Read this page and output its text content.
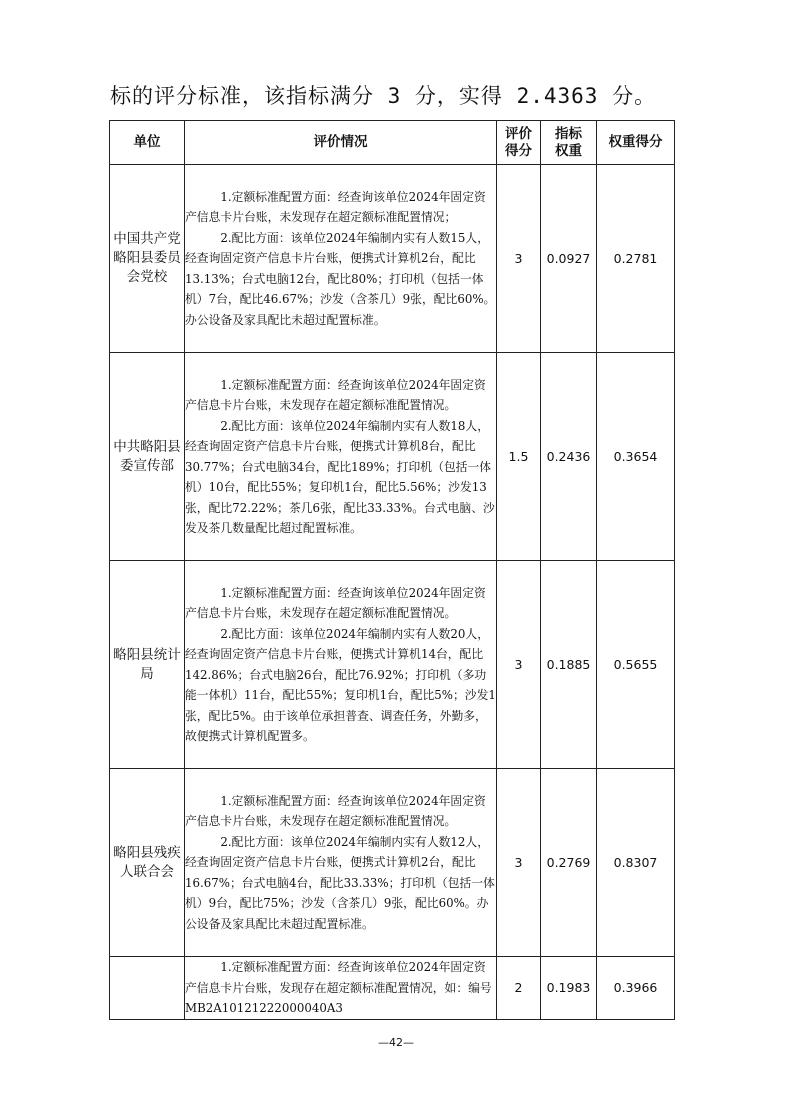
标的评分标准，该指标满分 3 分，实得 2.4363 分。
单位	评价情况	评价得分	指标权重	权重得分
中国共产党略阳县委员会党校	1.定额标准配置方面：经查询该单位2024年固定资产信息卡片台账，未发现存在超定额标准配置情况；

2.配比方面：该单位2024年编制内实有人数15人，经查询固定资产信息卡片台账，便携式计算机2台，配比13.13%；台式电脑12台，配比80%；打印机（包括一体机）7台，配比46.67%；沙发（含茶几）9张，配比60%。办公设备及家具配比未超过配置标准。	3	0.0927	0.2781
中共略阳县委宣传部	1.定额标准配置方面：经查询该单位2024年固定资产信息卡片台账，未发现存在超定额标准配置情况。

2.配比方面：该单位2024年编制内实有人数18人，经查询固定资产信息卡片台账，便携式计算机8台，配比30.77%；台式电脑34台，配比189%；打印机（包括一体机）10台，配比55%；复印机1台，配比5.56%；沙发13张，配比72.22%；茶几6张，配比33.33%。台式电脑、沙发及茶几数量配比超过配置标准。	1.5	0.2436	0.3654
略阳县统计局	1.定额标准配置方面：经查询该单位2024年固定资产信息卡片台账，未发现存在超定额标准配置情况。

2.配比方面：该单位2024年编制内实有人数20人，经查询固定资产信息卡片台账，便携式计算机14台，配比142.86%；台式电脑26台，配比76.92%；打印机（多功能一体机）11台，配比55%；复印机1台，配比5%；沙发1张，配比5%。由于该单位承担普查、调查任务，外勤多，故便携式计算机配置多。	3	0.1885	0.5655
略阳县残疾人联合会	1.定额标准配置方面：经查询该单位2024年固定资产信息卡片台账，未发现存在超定额标准配置情况。

2.配比方面：该单位2024年编制内实有人数12人，经查询固定资产信息卡片台账，便携式计算机2台，配比16.67%；台式电脑4台，配比33.33%；打印机（包括一体机）9台，配比75%；沙发（含茶几）9张，配比60%。办公设备及家具配比未超过配置标准。	3	0.2769	0.8307

	1.定额标准配置方面：经查询该单位2024年固定资产信息卡片台账，发现存在超定额标准配置情况，如：编号MB2A10121222000040A3	2	0.1983	0.3966
—42—
